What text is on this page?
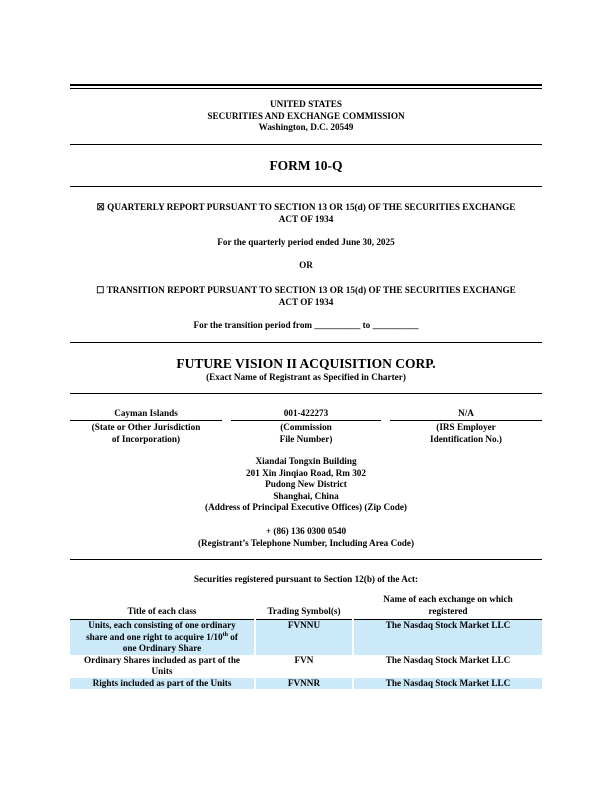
UNITED STATES
SECURITIES AND EXCHANGE COMMISSION
Washington, D.C. 20549
FORM 10-Q
☒ QUARTERLY REPORT PURSUANT TO SECTION 13 OR 15(d) OF THE SECURITIES EXCHANGE
ACT OF 1934
For the quarterly period ended June 30, 2025
OR
☐ TRANSITION REPORT PURSUANT TO SECTION 13 OR 15(d) OF THE SECURITIES EXCHANGE
ACT OF 1934
For the transition period from __________ to __________
FUTURE VISION II ACQUISITION CORP.
(Exact Name of Registrant as Specified in Charter)
Cayman Islands
(State or Other Jurisdiction
of Incorporation)
001-422273
(Commission
File Number)
N/A
(IRS Employer
Identification No.)
Xiandai Tongxin Building
201 Xin Jinqiao Road, Rm 302
Pudong New District
Shanghai, China
(Address of Principal Executive Offices) (Zip Code)
+ (86) 136 0300 0540
(Registrant’s Telephone Number, Including Area Code)
Securities registered pursuant to Section 12(b) of the Act:
Title of each class		Trading Symbol(s)		Name of each exchange on which
registered

Units, each consisting of one ordinary
share and one right to acquire 1/10th of
one Ordinary Share		FVNNU		The Nasdaq Stock Market LLC

Ordinary Shares included as part of the
Units		FVN		The Nasdaq Stock Market LLC
Rights included as part of the Units		FVNNR		The Nasdaq Stock Market LLC
